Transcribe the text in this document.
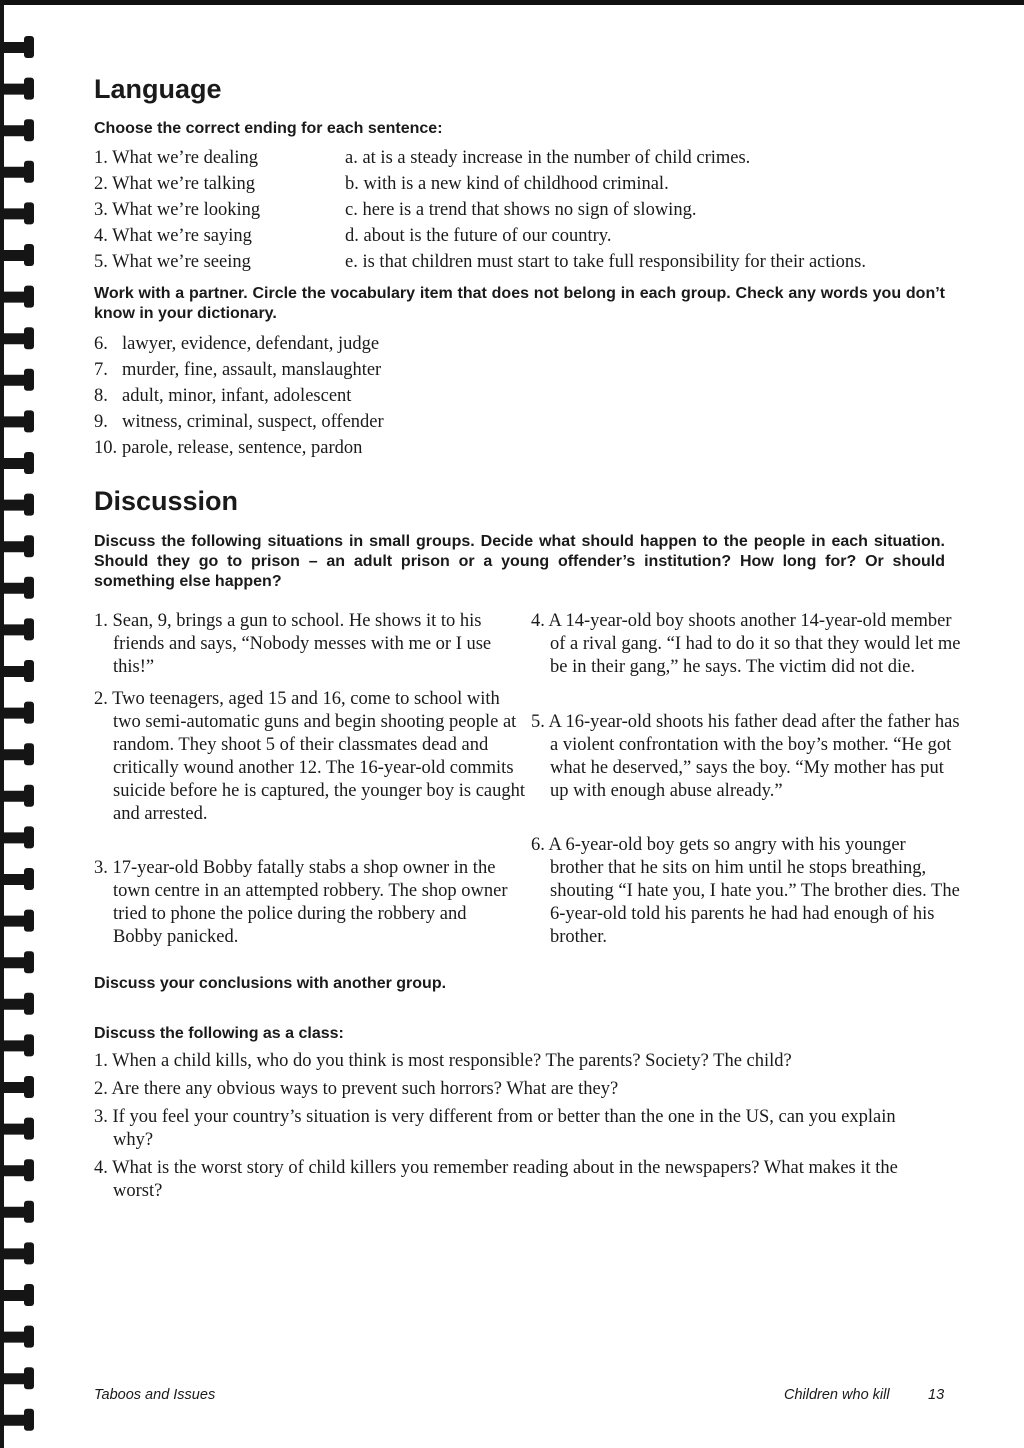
Language

Choose the correct ending for each sentence:

1. What we’re dealing
2. What we’re talking
3. What we’re looking
4. What we’re saying
5. What we’re seeing
a. at is a steady increase in the number of child crimes.
b. with is a new kind of childhood criminal.
c. here is a trend that shows no sign of slowing.
d. about is the future of our country.
e. is that children must start to take full responsibility for their actions.

Work with a partner. Circle the vocabulary item that does not belong in each group. Check any words you don’t know in your dictionary.

6. lawyer, evidence, defendant, judge
7. murder, fine, assault, manslaughter
8. adult, minor, infant, adolescent
9. witness, criminal, suspect, offender
10. parole, release, sentence, pardon
Discussion

Discuss the following situations in small groups. Decide what should happen to the people in each situation. Should they go to prison – an adult prison or a young offender’s institution? How long for? Or should something else happen?

1. Sean, 9, brings a gun to school. He shows it to his friends and says, “Nobody messes with me or I use this!”

2. Two teenagers, aged 15 and 16, come to school with two semi-automatic guns and begin shooting people at random. They shoot 5 of their classmates dead and critically wound another 12. The 16-year-old commits suicide before he is captured, the younger boy is caught and arrested.

3. 17-year-old Bobby fatally stabs a shop owner in the town centre in an attempted robbery. The shop owner tried to phone the police during the robbery and Bobby panicked.

4. A 14-year-old boy shoots another 14-year-old member of a rival gang. “I had to do it so that they would let me be in their gang,” he says. The victim did not die.

5. A 16-year-old shoots his father dead after the father has a violent confrontation with the boy’s mother. “He got what he deserved,” says the boy. “My mother has put up with enough abuse already.”

6. A 6-year-old boy gets so angry with his younger brother that he sits on him until he stops breathing, shouting “I hate you, I hate you.” The brother dies. The 6-year-old told his parents he had had enough of his brother.

Discuss your conclusions with another group.

Discuss the following as a class:

1. When a child kills, who do you think is most responsible? The parents? Society? The child?

2. Are there any obvious ways to prevent such horrors? What are they?

3. If you feel your country’s situation is very different from or better than the one in the US, can you explain why?

4. What is the worst story of child killers you remember reading about in the newspapers? What makes it the worst?

Taboos and Issues	Children who kill	13
